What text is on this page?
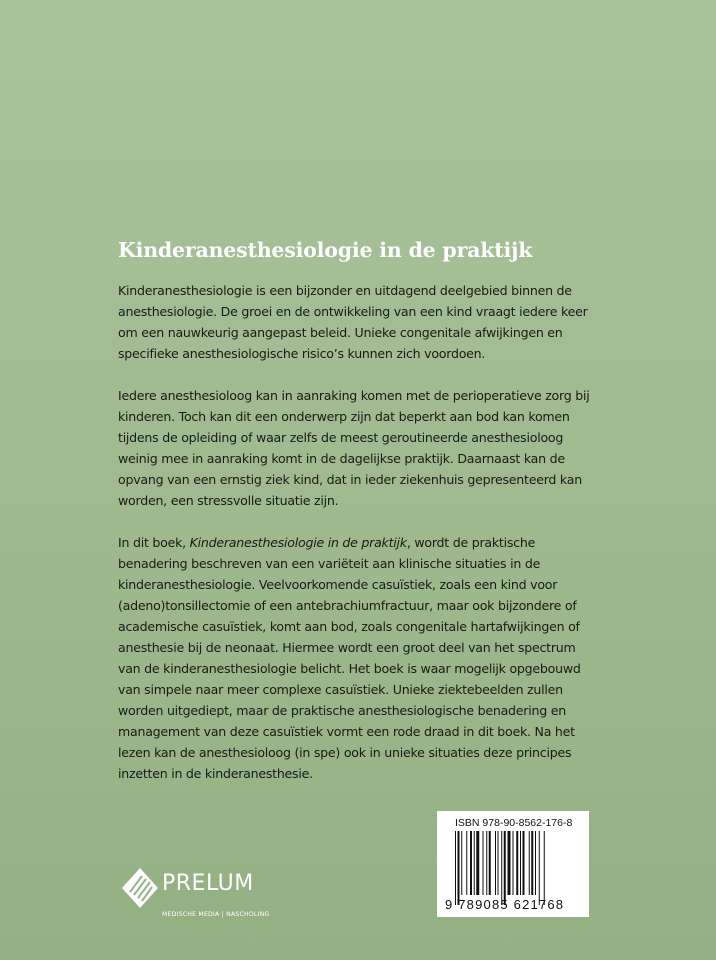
Kinderanesthesiologie in de praktijk

Kinderanesthesiologie is een bijzonder en uitdagend deelgebied binnen de
anesthesiologie. De groei en de ontwikkeling van een kind vraagt iedere keer
om een nauwkeurig aangepast beleid. Unieke congenitale afwijkingen en
specifieke anesthesiologische risico’s kunnen zich voordoen.

Iedere anesthesioloog kan in aanraking komen met de perioperatieve zorg bij
kinderen. Toch kan dit een onderwerp zijn dat beperkt aan bod kan komen
tijdens de opleiding of waar zelfs de meest geroutineerde anesthesioloog
weinig mee in aanraking komt in de dagelijkse praktijk. Daarnaast kan de
opvang van een ernstig ziek kind, dat in ieder ziekenhuis gepresenteerd kan
worden, een stressvolle situatie zijn.

In dit boek, Kinderanesthesiologie in de praktijk, wordt de praktische
benadering beschreven van een variëteit aan klinische situaties in de
kinderanesthesiologie. Veelvoorkomende casuïstiek, zoals een kind voor
(adeno)tonsillectomie of een antebrachiumfractuur, maar ook bijzondere of
academische casuïstiek, komt aan bod, zoals congenitale hartafwijkingen of
anesthesie bij de neonaat. Hiermee wordt een groot deel van het spectrum
van de kinderanesthesiologie belicht. Het boek is waar mogelijk opgebouwd
van simpele naar meer complexe casuïstiek. Unieke ziektebeelden zullen
worden uitgediept, maar de praktische anesthesiologische benadering en
management van deze casuïstiek vormt een rode draad in dit boek. Na het
lezen kan de anesthesioloog (in spe) ook in unieke situaties deze principes
inzetten in de kinderanesthesie.

PRELUM
MEDISCHE MEDIA | NASCHOLING
ISBN 978-90-8562-176-8
9 789085 621768
